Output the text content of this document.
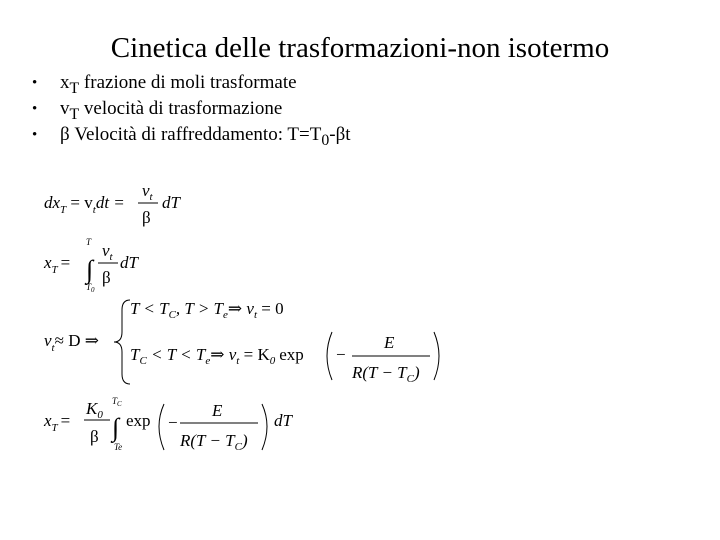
Cinetica delle trasformazioni-non isotermo
• $x_T$ frazione di moli trasformate
• $v_T$ velocità di trasformazione
• β Velocità di raffreddamento: $T=T_0-\beta t$
$dx_T = v_tdt$ =
$v_t$
β
dT
$x_T$ =
T
∫
$T_0$
$v_t$
β
dT
$v_t\approx D$ ⇒
$T < T_C$, $T > T_e\Rightarrow$ $v_t = 0$
$T_C < T$ < $T_e\Rightarrow$ $v_t = K_0$ exp −
E
$R(T - T_C)$
$x_T$ =
$K_0$
β
$T_C$
∫
Te
exp −
E
$R(T - T_C)$
dT
